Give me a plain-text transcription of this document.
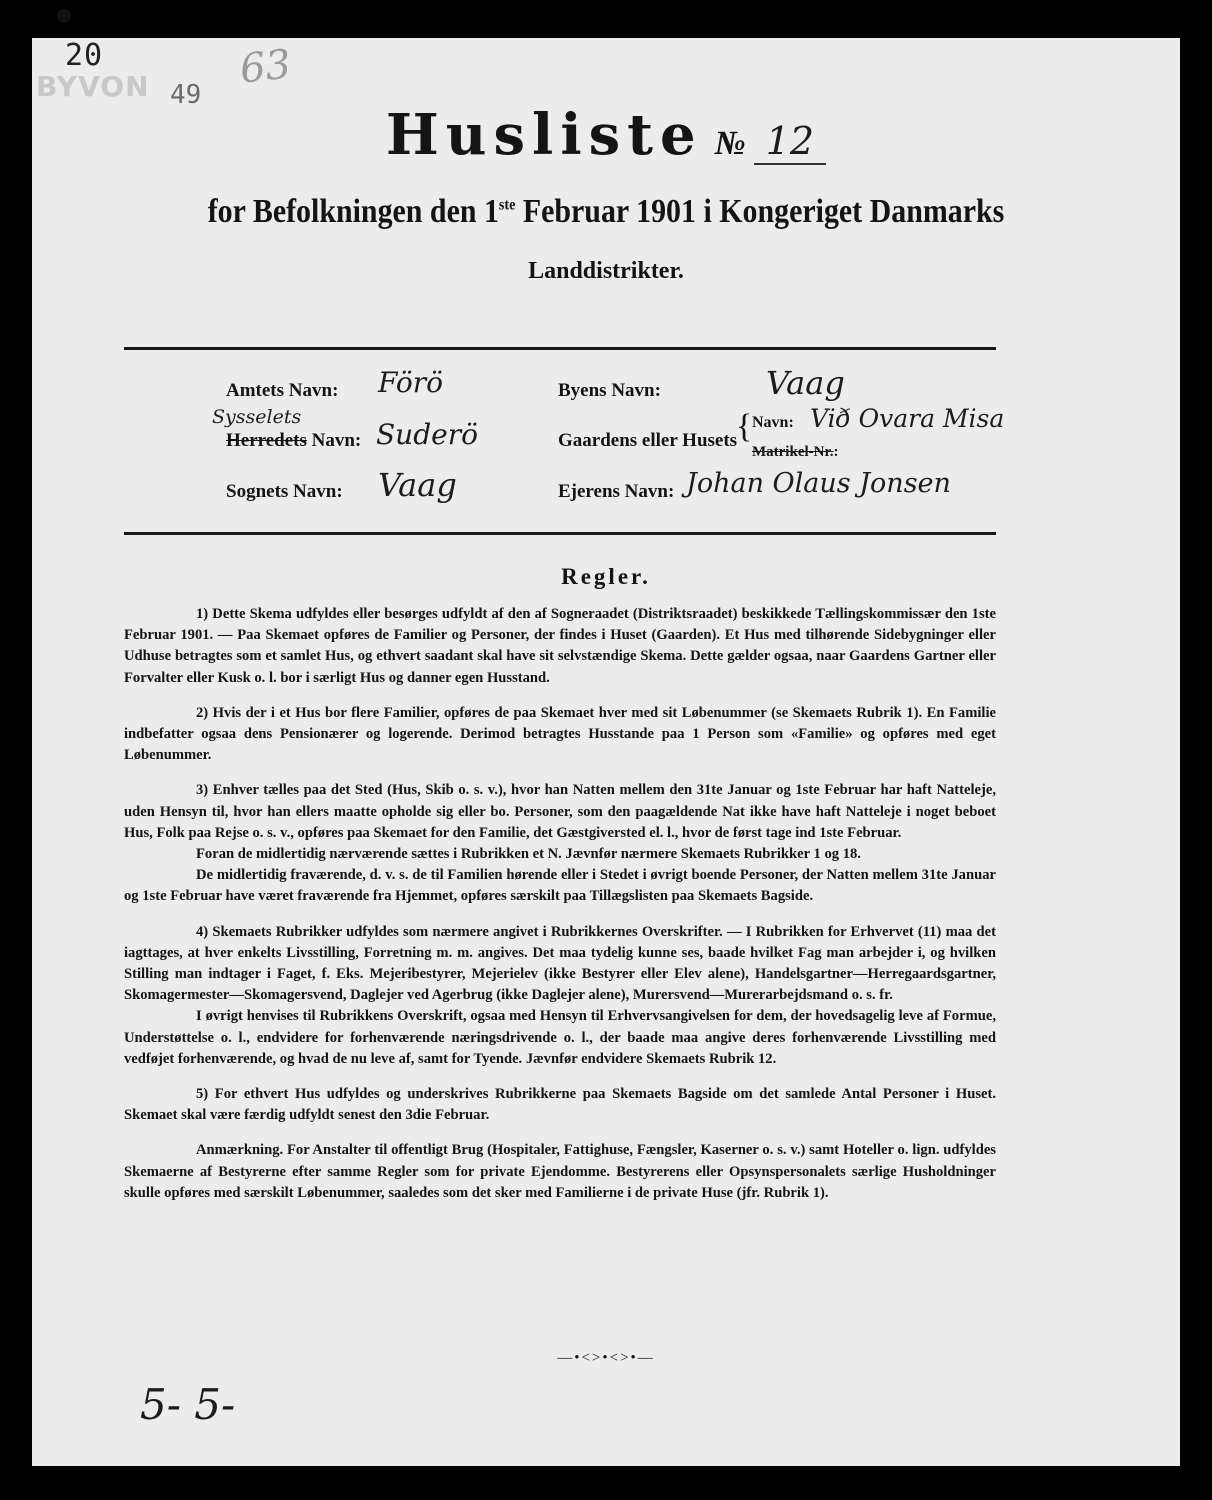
BYVON
20
49
63
Husliste № 12
for Befolkningen den 1ste Februar 1901 i Kongeriget Danmarks
Landdistrikter.
Amtets Navn: Förö
Sysselets
Herredets Navn: Suderö
Sognets Navn: Vaag
Byens Navn:	Vaag
Gaardens eller Husets
{ Navn: Við Ovara Misa
Matrikel-Nr.:
Ejerens Navn: Johan Olaus Jonsen
Regler.

1) Dette Skema udfyldes eller besørges udfyldt af den af Sogneraadet (Distriktsraadet) beskikkede Tællingskommissær den 1ste Februar 1901. — Paa Skemaet opføres de Familier og Personer, der findes i Huset (Gaarden). Et Hus med tilhørende Sidebygninger eller Udhuse betragtes som et samlet Hus, og ethvert saadant skal have sit selvstændige Skema. Dette gælder ogsaa, naar Gaardens Gartner eller Forvalter eller Kusk o. l. bor i særligt Hus og danner egen Husstand.

2) Hvis der i et Hus bor flere Familier, opføres de paa Skemaet hver med sit Løbenummer (se Skemaets Rubrik 1). En Familie indbefatter ogsaa dens Pensionærer og logerende. Derimod betragtes Husstande paa 1 Person som «Familie» og opføres med eget Løbenummer.

3) Enhver tælles paa det Sted (Hus, Skib o. s. v.), hvor han Natten mellem den 31te Januar og 1ste Februar har haft Natteleje, uden Hensyn til, hvor han ellers maatte opholde sig eller bo. Personer, som den paagældende Nat ikke have haft Natteleje i noget beboet Hus, Folk paa Rejse o. s. v., opføres paa Skemaet for den Familie, det Gæstgiversted el. l., hvor de først tage ind 1ste Februar.

Foran de midlertidig nærværende sættes i Rubrikken et N. Jævnfør nærmere Skemaets Rubrikker 1 og 18.

De midlertidig fraværende, d. v. s. de til Familien hørende eller i Stedet i øvrigt boende Personer, der Natten mellem 31te Januar og 1ste Februar have været fraværende fra Hjemmet, opføres særskilt paa Tillægslisten paa Skemaets Bagside.

4) Skemaets Rubrikker udfyldes som nærmere angivet i Rubrikkernes Overskrifter. — I Rubrikken for Erhvervet (11) maa det iagttages, at hver enkelts Livsstilling, Forretning m. m. angives. Det maa tydelig kunne ses, baade hvilket Fag man arbejder i, og hvilken Stilling man indtager i Faget, f. Eks. Mejeribestyrer, Mejerielev (ikke Bestyrer eller Elev alene), Handelsgartner—Herregaardsgartner, Skomagermester—Skomagersvend, Daglejer ved Agerbrug (ikke Daglejer alene), Murersvend—Murerarbejdsmand o. s. fr.

I øvrigt henvises til Rubrikkens Overskrift, ogsaa med Hensyn til Erhvervsangivelsen for dem, der hovedsagelig leve af Formue, Understøttelse o. l., endvidere for forhenværende næringsdrivende o. l., der baade maa angive deres forhenværende Livsstilling med vedføjet forhenværende, og hvad de nu leve af, samt for Tyende. Jævnfør endvidere Skemaets Rubrik 12.

5) For ethvert Hus udfyldes og underskrives Rubrikkerne paa Skemaets Bagside om det samlede Antal Personer i Huset. Skemaet skal være færdig udfyldt senest den 3die Februar.

Anmærkning. For Anstalter til offentligt Brug (Hospitaler, Fattighuse, Fængsler, Kaserner o. s. v.) samt Hoteller o. lign. udfyldes Skemaerne af Bestyrerne efter samme Regler som for private Ejendomme. Bestyrerens eller Opsynspersonalets særlige Husholdninger skulle opføres med særskilt Løbenummer, saaledes som det sker med Familierne i de private Huse (jfr. Rubrik 1).

—•<>•<>•—
5- 5-
